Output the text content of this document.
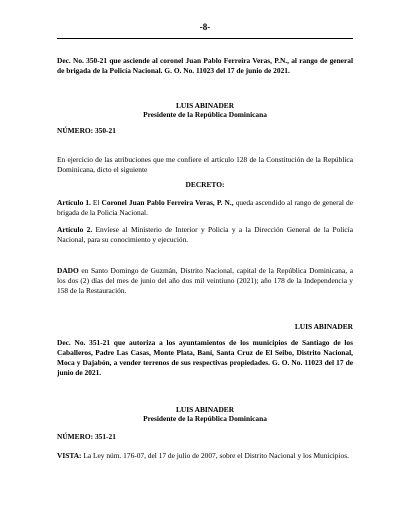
-8-
Dec. No. 350-21 que asciende al coronel Juan Pablo Ferreira Veras, P.N., al rango de general de brigada de la Policía Nacional. G. O. No. 11023 del 17 de junio de 2021.
LUIS ABINADER
Presidente de la República Dominicana
NÚMERO: 350-21
En ejercicio de las atribuciones que me confiere el artículo 128 de la Constitución de la República Dominicana, dicto el siguiente
DECRETO:
Artículo 1. El Coronel Juan Pablo Ferreira Veras, P. N., queda ascendido al rango de general de brigada de la Policía Nacional.
Artículo 2. Envíese al Ministerio de Interior y Policía y a la Dirección General de la Policía Nacional, para su conocimiento y ejecución.
DADO en Santo Domingo de Guzmán, Distrito Nacional, capital de la República Dominicana, a los dos (2) días del mes de junio del año dos mil veintiuno (2021); año 178 de la Independencia y 158 de la Restauración.
LUIS ABINADER
Dec. No. 351-21 que autoriza a los ayuntamientos de los municipios de Santiago de los Caballeros, Padre Las Casas, Monte Plata, Baní, Santa Cruz de El Seibo, Distrito Nacional, Moca y Dajabón, a vender terrenos de sus respectivas propiedades. G. O. No. 11023 del 17 de junio de 2021.
LUIS ABINADER
Presidente de la República Dominicana
NÚMERO: 351-21
VISTA: La Ley núm. 176-07, del 17 de julio de 2007, sobre el Distrito Nacional y los Municipios.
